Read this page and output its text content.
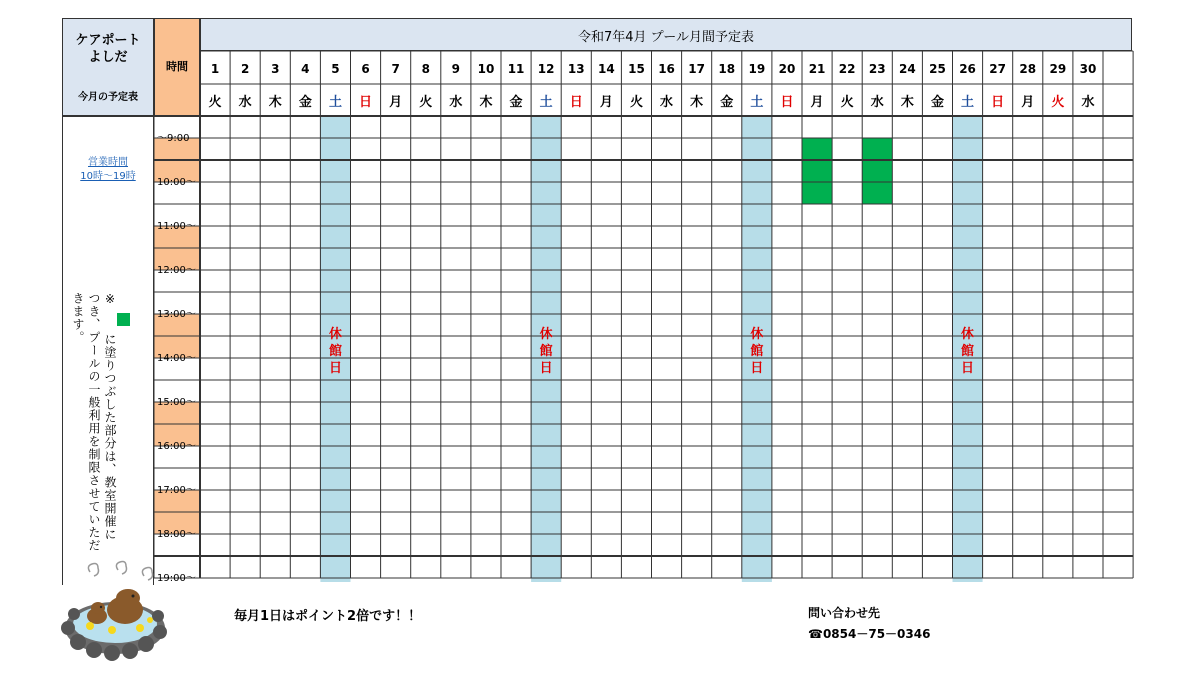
ケアポート
よしだ
今月の予定表
時間
令和7年4月 プール月間予定表
営業時間
10時〜19時
※　　に塗りつぶした部分は、教室開催につき、プールの一般利用を制限させていただきます。
1
火
2
水
3
木
4
金
5
土
6
日
7
月
8
火
9
水
10
木
11
金
12
土
13
日
14
月
15
火
16
水
17
木
18
金
19
土
20
日
21
月
22
火
23
水
24
木
25
金
26
土
27
日
28
月
29
火
30
水
〜9:00
10:00〜
11:00〜
12:00〜
13:00〜
14:00〜
15:00〜
16:00〜
17:00〜
18:00〜
19:00〜
休
館
日
休
館
日
休
館
日
休
館
日
毎月1日はポイント2倍です！！	問い合わせ先
☎0854－75－0346
